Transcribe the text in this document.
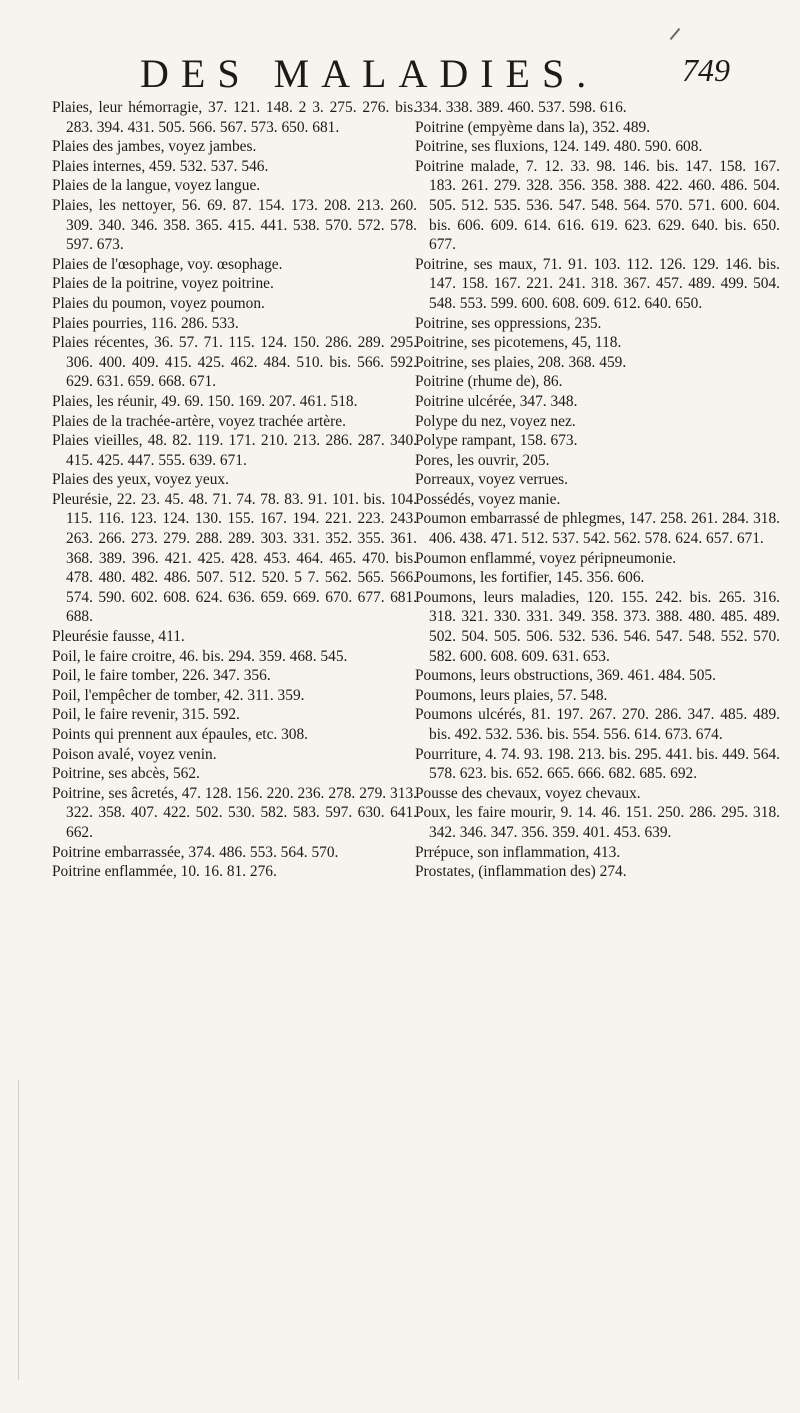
DES MALADIES.	749
Plaies, leur hémorragie, 37. 121. 148. 2 3. 275. 276. bis. 283. 394. 431. 505. 566. 567. 573. 650. 681.
Plaies des jambes, voyez jambes.
Plaies internes, 459. 532. 537. 546.
Plaies de la langue, voyez langue.
Plaies, les nettoyer, 56. 69. 87. 154. 173. 208. 213. 260. 309. 340. 346. 358. 365. 415. 441. 538. 570. 572. 578. 597. 673.
Plaies de l'œsophage, voy. œsophage.
Plaies de la poitrine, voyez poitrine.
Plaies du poumon, voyez poumon.
Plaies pourries, 116. 286. 533.
Plaies récentes, 36. 57. 71. 115. 124. 150. 286. 289. 295. 306. 400. 409. 415. 425. 462. 484. 510. bis. 566. 592. 629. 631. 659. 668. 671.
Plaies, les réunir, 49. 69. 150. 169. 207. 461. 518.
Plaies de la trachée-artère, voyez trachée artère.
Plaies vieilles, 48. 82. 119. 171. 210. 213. 286. 287. 340. 415. 425. 447. 555. 639. 671.
Plaies des yeux, voyez yeux.
Pleurésie, 22. 23. 45. 48. 71. 74. 78. 83. 91. 101. bis. 104. 115. 116. 123. 124. 130. 155. 167. 194. 221. 223. 243. 263. 266. 273. 279. 288. 289. 303. 331. 352. 355. 361. 368. 389. 396. 421. 425. 428. 453. 464. 465. 470. bis. 478. 480. 482. 486. 507. 512. 520. 5 7. 562. 565. 566. 574. 590. 602. 608. 624. 636. 659. 669. 670. 677. 681. 688.
Pleurésie fausse, 411.
Poil, le faire croitre, 46. bis. 294. 359. 468. 545.
Poil, le faire tomber, 226. 347. 356.
Poil, l'empêcher de tomber, 42. 311. 359.
Poil, le faire revenir, 315. 592.
Points qui prennent aux épaules, etc. 308.
Poison avalé, voyez venin.
Poitrine, ses abcès, 562.
Poitrine, ses âcretés, 47. 128. 156. 220. 236. 278. 279. 313. 322. 358. 407. 422. 502. 530. 582. 583. 597. 630. 641. 662.
Poitrine embarrassée, 374. 486. 553. 564. 570.
Poitrine enflammée, 10. 16. 81. 276.
334. 338. 389. 460. 537. 598. 616.
Poitrine (empyème dans la), 352. 489.
Poitrine, ses fluxions, 124. 149. 480. 590. 608.
Poitrine malade, 7. 12. 33. 98. 146. bis. 147. 158. 167. 183. 261. 279. 328. 356. 358. 388. 422. 460. 486. 504. 505. 512. 535. 536. 547. 548. 564. 570. 571. 600. 604. bis. 606. 609. 614. 616. 619. 623. 629. 640. bis. 650. 677.
Poitrine, ses maux, 71. 91. 103. 112. 126. 129. 146. bis. 147. 158. 167. 221. 241. 318. 367. 457. 489. 499. 504. 548. 553. 599. 600. 608. 609. 612. 640. 650.
Poitrine, ses oppressions, 235.
Poitrine, ses picotemens, 45, 118.
Poitrine, ses plaies, 208. 368. 459.
Poitrine (rhume de), 86.
Poitrine ulcérée, 347. 348.
Polype du nez, voyez nez.
Polype rampant, 158. 673.
Pores, les ouvrir, 205.
Porreaux, voyez verrues.
Possédés, voyez manie.
Poumon embarrassé de phlegmes, 147. 258. 261. 284. 318. 406. 438. 471. 512. 537. 542. 562. 578. 624. 657. 671.
Poumon enflammé, voyez péripneumonie.
Poumons, les fortifier, 145. 356. 606.
Poumons, leurs maladies, 120. 155. 242. bis. 265. 316. 318. 321. 330. 331. 349. 358. 373. 388. 480. 485. 489. 502. 504. 505. 506. 532. 536. 546. 547. 548. 552. 570. 582. 600. 608. 609. 631. 653.
Poumons, leurs obstructions, 369. 461. 484. 505.
Poumons, leurs plaies, 57. 548.
Poumons ulcérés, 81. 197. 267. 270. 286. 347. 485. 489. bis. 492. 532. 536. bis. 554. 556. 614. 673. 674.
Pourriture, 4. 74. 93. 198. 213. bis. 295. 441. bis. 449. 564. 578. 623. bis. 652. 665. 666. 682. 685. 692.
Pousse des chevaux, voyez chevaux.
Poux, les faire mourir, 9. 14. 46. 151. 250. 286. 295. 318. 342. 346. 347. 356. 359. 401. 453. 639.
Prrépuce, son inflammation, 413.
Prostates, (inflammation des) 274.
